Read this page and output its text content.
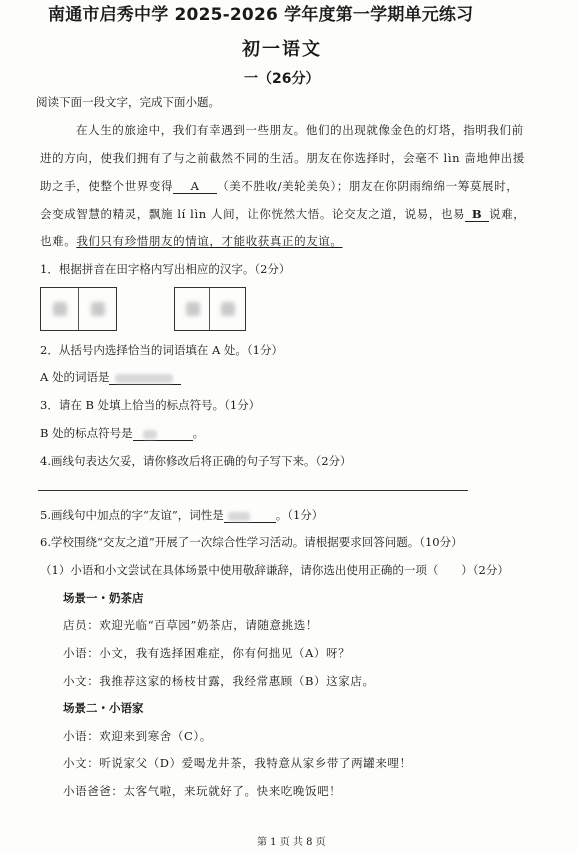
南通市启秀中学 2025-2026 学年度第一学期单元练习
初一语文
一（26分）
阅读下面一段文字，完成下面小题。
在人生的旅途中，我们有幸遇到一些朋友。他们的出现就像金色的灯塔，指明我们前
进的方向，使我们拥有了与之前截然不同的生活。朋友在你选择时，会毫不 lìn 啬地伸出援
助之手，使整个世界变得 A （美不胜收/美轮美奂）；朋友在你阴雨绵绵一筹莫展时，
会变成智慧的精灵，飘施 lí lìn 人间，让你恍然大悟。论交友之道，说易，也易 B 说难，
也难。我们只有珍惜朋友的情谊，才能收获真正的友谊。
1．根据拼音在田字格内写出相应的汉字。（2分）
2．从括号内选择恰当的词语填在 A 处。（1分）
A 处的词语是
3．请在 B 处填上恰当的标点符号。（1分）
B 处的标点符号是	。
4.画线句表达欠妥，请你修改后将正确的句子写下来。（2分）
5.画线句中加点的字“友谊”，词性是	。（1分）
6.学校围绕“交友之道”开展了一次综合性学习活动。请根据要求回答问题。（10分）
（1）小语和小文尝试在具体场景中使用敬辞谦辞，请你选出使用正确的一项（　　）（2分）
场景一・奶茶店
店员：欢迎光临“百草园”奶茶店，请随意挑选！
小语：小文，我有选择困难症，你有何拙见（A）呀？
小文：我推荐这家的杨枝甘露，我经常惠顾（B）这家店。
场景二・小语家
小语：欢迎来到寒舍（C）。
小文：听说家父（D）爱喝龙井茶，我特意从家乡带了两罐来哩！
小语爸爸：太客气啦，来玩就好了。快来吃晚饭吧！
第 1 页 共 8 页
